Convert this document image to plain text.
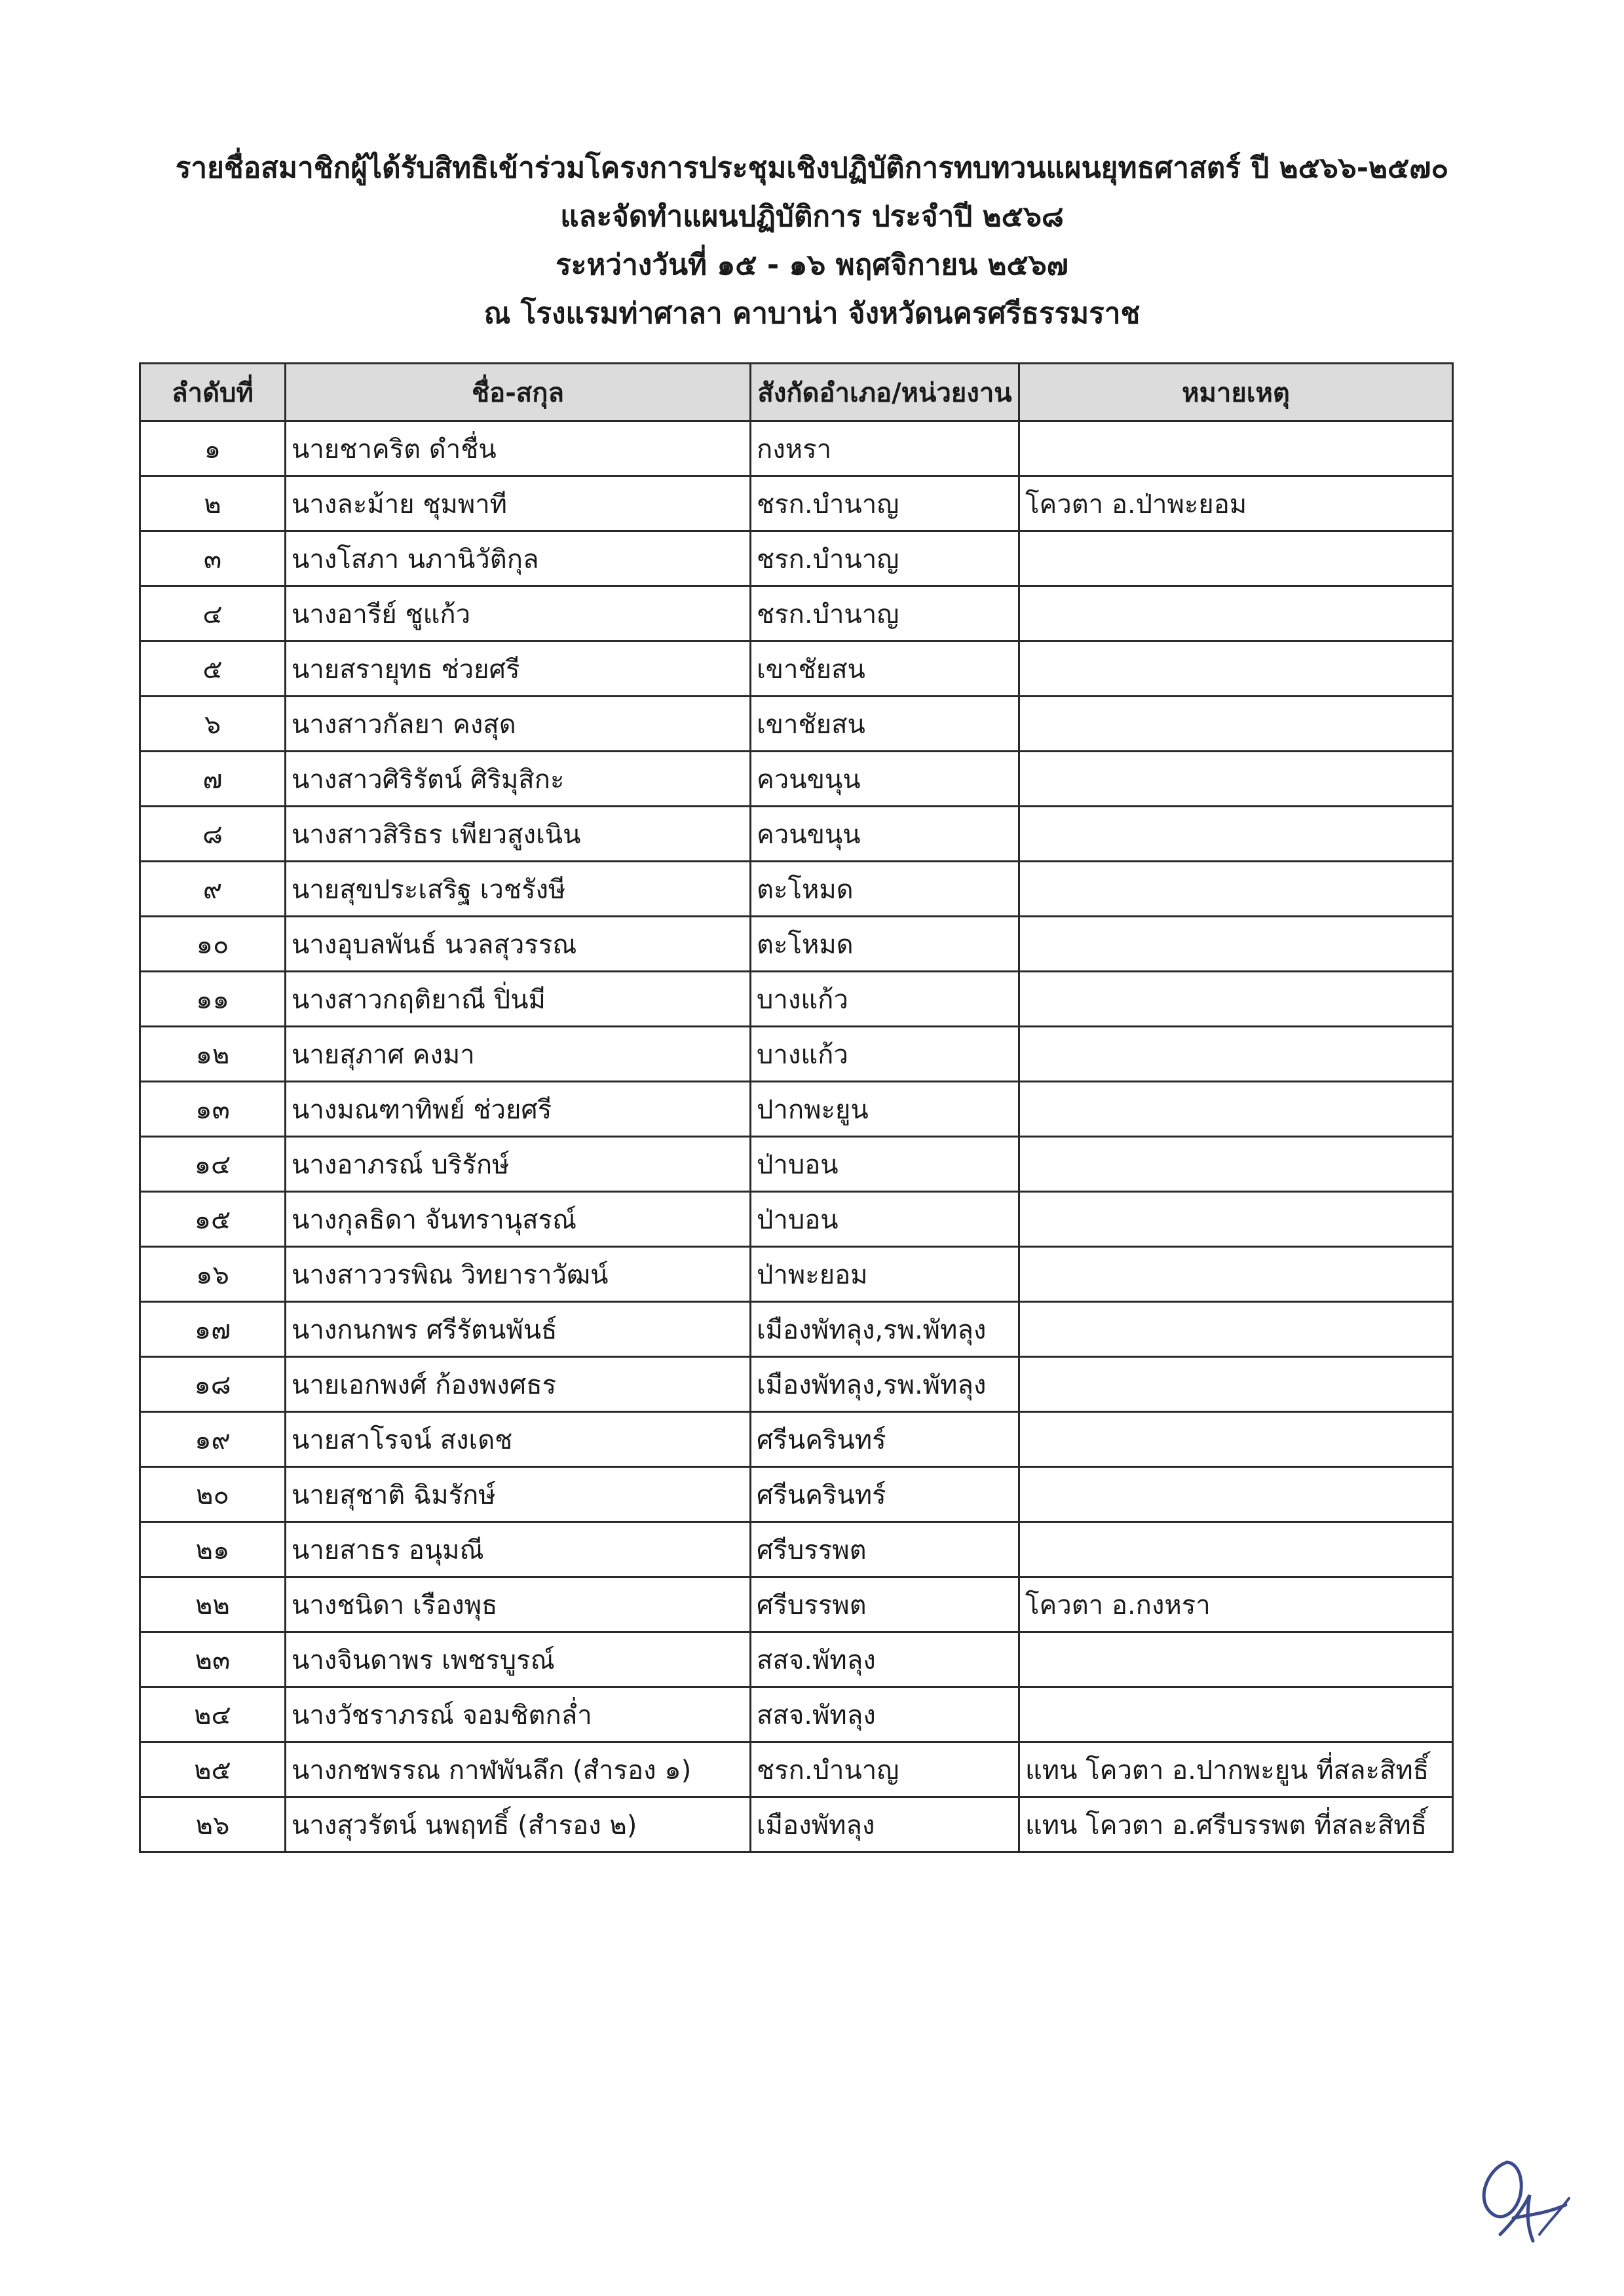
รายชื่อสมาชิกผู้ได้รับสิทธิเข้าร่วมโครงการประชุมเชิงปฏิบัติการทบทวนแผนยุทธศาสตร์ ปี ๒๕๖๖-๒๕๗๐
และจัดทำแผนปฏิบัติการ ประจำปี ๒๕๖๘
ระหว่างวันที่ ๑๕ - ๑๖ พฤศจิกายน ๒๕๖๗
ณ โรงแรมท่าศาลา คาบาน่า จังหวัดนครศรีธรรมราช
ลำดับที่	ชื่อ-สกุล	สังกัดอำเภอ/หน่วยงาน	หมายเหตุ
๑	นายชาคริต ดำชื่น	กงหรา	
๒	นางละม้าย ชุมพาที	ชรก.บำนาญ	โควตา อ.ป่าพะยอม
๓	นางโสภา นภานิวัติกุล	ชรก.บำนาญ	
๔	นางอารีย์ ชูแก้ว	ชรก.บำนาญ	
๕	นายสรายุทธ ช่วยศรี	เขาชัยสน	
๖	นางสาวกัลยา คงสุด	เขาชัยสน	
๗	นางสาวศิริรัตน์ ศิริมุสิกะ	ควนขนุน	
๘	นางสาวสิริธร เพียวสูงเนิน	ควนขนุน	
๙	นายสุขประเสริฐ เวชรังษี	ตะโหมด	
๑๐	นางอุบลพันธ์ นวลสุวรรณ	ตะโหมด	
๑๑	นางสาวกฤติยาณี ปิ่นมี	บางแก้ว	
๑๒	นายสุภาศ คงมา	บางแก้ว	
๑๓	นางมณฑาทิพย์ ช่วยศรี	ปากพะยูน	
๑๔	นางอาภรณ์ บริรักษ์	ป่าบอน	
๑๕	นางกุลธิดา จันทรานุสรณ์	ป่าบอน	
๑๖	นางสาววรพิณ วิทยาราวัฒน์	ป่าพะยอม	
๑๗	นางกนกพร ศรีรัตนพันธ์	เมืองพัทลุง,รพ.พัทลุง	
๑๘	นายเอกพงศ์ ก้องพงศธร	เมืองพัทลุง,รพ.พัทลุง	
๑๙	นายสาโรจน์ สงเดช	ศรีนครินทร์	
๒๐	นายสุชาติ ฉิมรักษ์	ศรีนครินทร์	
๒๑	นายสาธร อนุมณี	ศรีบรรพต	
๒๒	นางชนิดา เรืองพุธ	ศรีบรรพต	โควตา อ.กงหรา
๒๓	นางจินดาพร เพชรบูรณ์	สสจ.พัทลุง	
๒๔	นางวัชราภรณ์ จอมชิตกล่ำ	สสจ.พัทลุง	
๒๕	นางกชพรรณ กาฬพันลึก (สำรอง ๑)	ชรก.บำนาญ	แทน โควตา อ.ปากพะยูน ที่สละสิทธิ์
๒๖	นางสุวรัตน์ นพฤทธิ์ (สำรอง ๒)	เมืองพัทลุง	แทน โควตา อ.ศรีบรรพต ที่สละสิทธิ์
